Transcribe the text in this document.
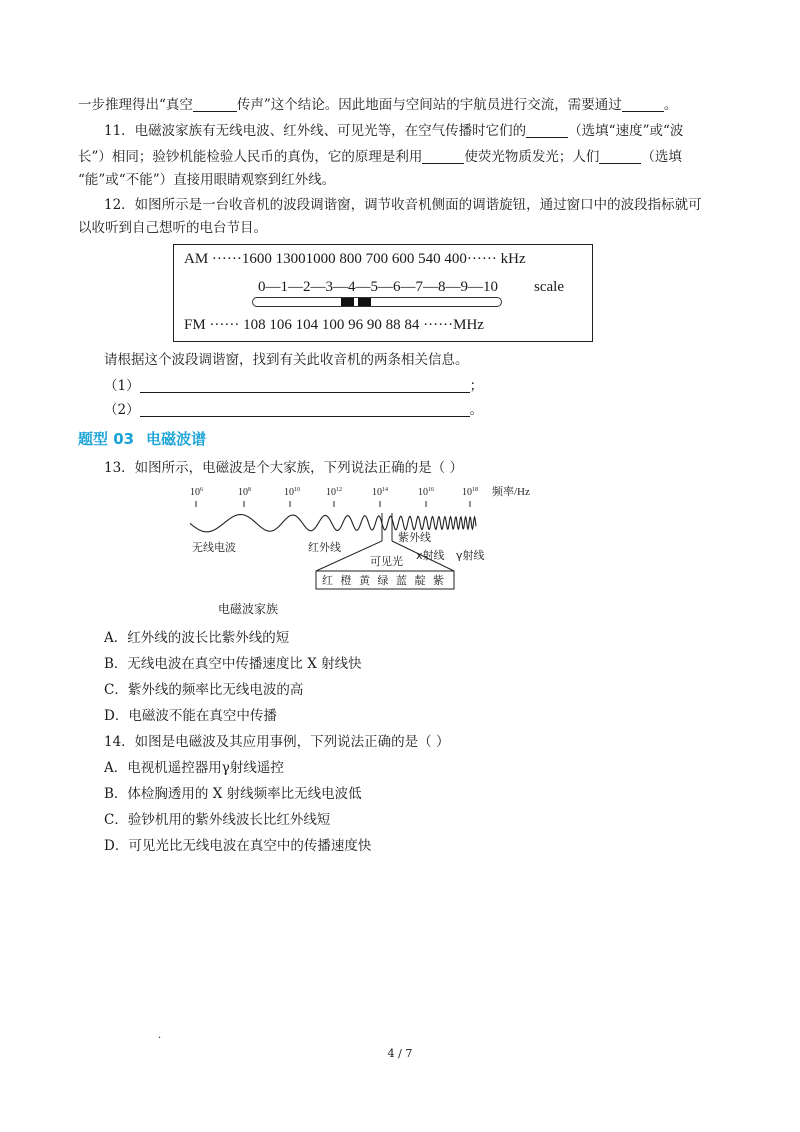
一步推理得出“真空	传声”这个结论。因此地面与空间站的宇航员进行交流，需要通过	。
11．电磁波家族有无线电波、红外线、可见光等，在空气传播时它们的	（选填“速度”或“波
长”）相同；验钞机能检验人民币的真伪，它的原理是利用	使荧光物质发光；人们	（选填
“能”或“不能”）直接用眼睛观察到红外线。
12．如图所示是一台收音机的波段调谐窗，调节收音机侧面的调谐旋钮，通过窗口中的波段指标就可
以收听到自己想听的电台节目。
AM ······1600 13001000 800 700 600 540 400······ kHz
0—1—2—3—4—5—6—7—8—9—10 scale
FM ······ 108 106 104 100 96 90 88 84 ······MHz
请根据这个波段调谐窗，找到有关此收音机的两条相关信息。
（1）	；
（2）	。
题型 03 电磁波谱
13．如图所示，电磁波是个大家族，下列说法正确的是（ ）
$10^6$	$10^8$	$10^{10}$	$10^{12}$	$10^{14}$	$10^{16}$	$10^{18}$ 频率/Hz
无线电波	红外线
紫外线
可见光 x射线 γ射线
红 橙 黄 绿 蓝 靛 紫
电磁波家族
A．红外线的波长比紫外线的短
B．无线电波在真空中传播速度比 X 射线快
C．紫外线的频率比无线电波的高
D．电磁波不能在真空中传播
14．如图是电磁波及其应用事例，下列说法正确的是（ ）
A．电视机遥控器用γ射线遥控
B．体检胸透用的 X 射线频率比无线电波低
C．验钞机用的紫外线波长比红外线短
D．可见光比无线电波在真空中的传播速度快
.
4 / 7
